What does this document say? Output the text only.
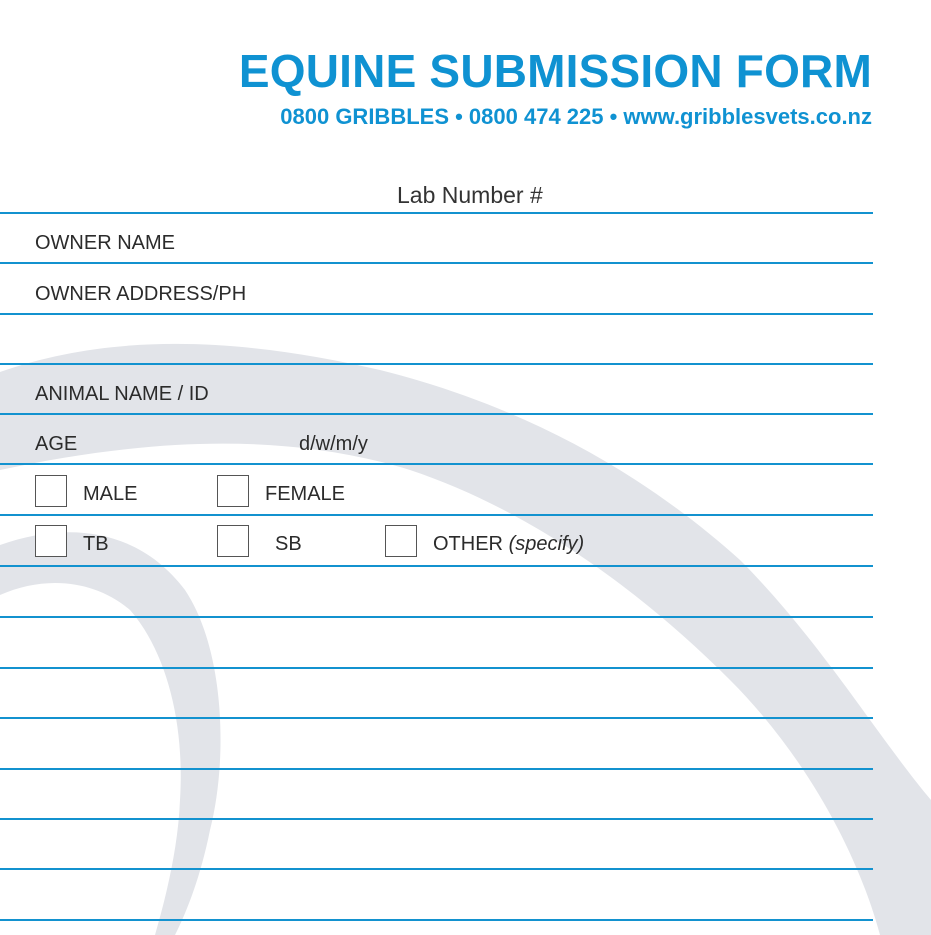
EQUINE SUBMISSION FORM
0800 GRIBBLES • 0800 474 225 • www.gribblesvets.co.nz
Lab Number #
OWNER NAME
OWNER ADDRESS/PH
ANIMAL NAME / ID
AGE	d/w/m/y
MALE	FEMALE
TB	SB	OTHER (specify)
